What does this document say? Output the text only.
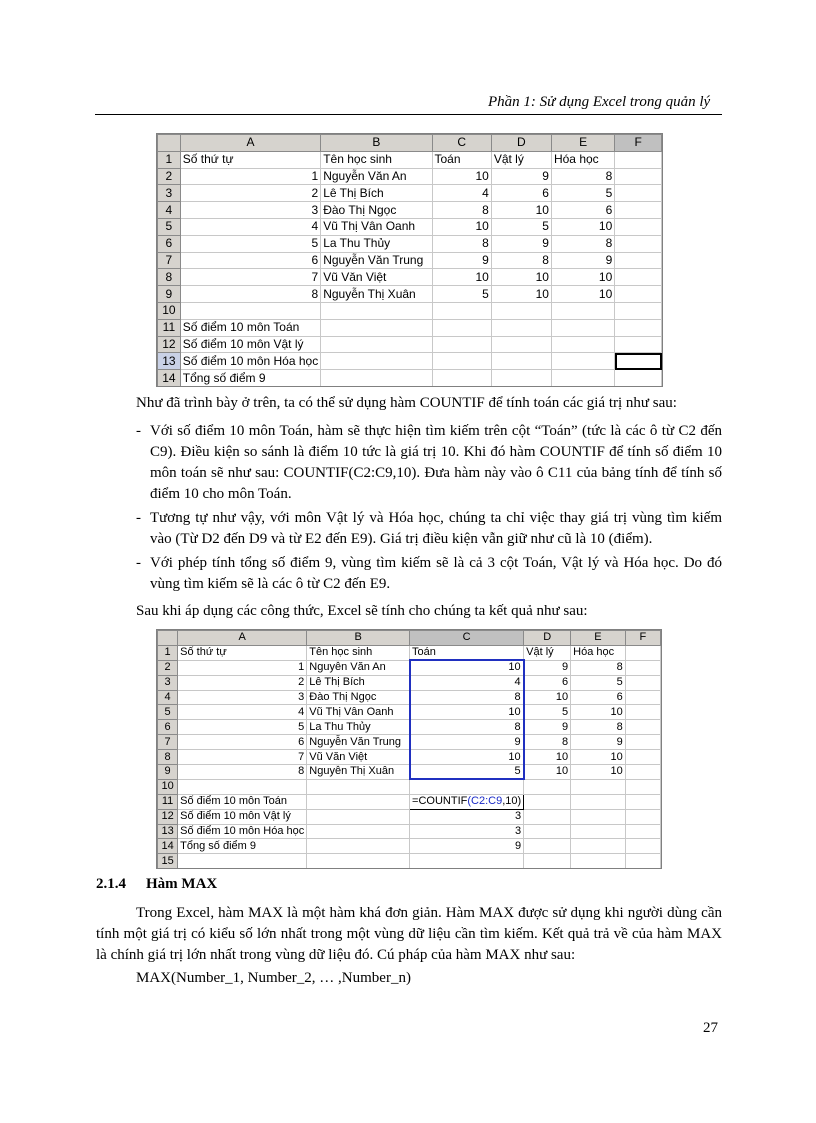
Phần 1: Sử dụng Excel trong quản lý
	A	B	C	D	E	F
1	Số thứ tự	Tên học sinh	Toán	Vật lý	Hóa học	
2	1	Nguyễn Văn An	10	9	8	
3	2	Lê Thị Bích	4	6	5	
4	3	Đào Thị Ngọc	8	10	6	
5	4	Vũ Thị Vân Oanh	10	5	10	
6	5	La Thu Thủy	8	9	8	
7	6	Nguyễn Văn Trung	9	8	9	
8	7	Vũ Văn Việt	10	10	10	
9	8	Nguyễn Thị Xuân	5	10	10	
10						
11	Số điểm 10 môn Toán					
12	Số điểm 10 môn Vật lý					
13	Số điểm 10 môn Hóa học					
14	Tổng số điểm 9					
Như đã trình bày ở trên, ta có thể sử dụng hàm COUNTIF để tính toán các giá trị như sau:
- Với số điểm 10 môn Toán, hàm sẽ thực hiện tìm kiếm trên cột “Toán” (tức là các ô từ C2 đến C9). Điều kiện so sánh là điểm 10 tức là giá trị 10. Khi đó hàm COUNTIF để tính số điểm 10 môn toán sẽ như sau: COUNTIF(C2:C9,10). Đưa hàm này vào ô C11 của bảng tính để tính số điểm 10 cho môn Toán.
- Tương tự như vậy, với môn Vật lý và Hóa học, chúng ta chỉ việc thay giá trị vùng tìm kiếm vào (Từ D2 đến D9 và từ E2 đến E9). Giá trị điều kiện vẫn giữ như cũ là 10 (điểm).
- Với phép tính tổng số điểm 9, vùng tìm kiếm sẽ là cả 3 cột Toán, Vật lý và Hóa học. Do đó vùng tìm kiếm sẽ là các ô từ C2 đến E9.
Sau khi áp dụng các công thức, Excel sẽ tính cho chúng ta kết quả như sau:
	A	B	C	D	E	F
1	Số thứ tự	Tên học sinh	Toán	Vật lý	Hóa học	
2	1	Nguyễn Văn An	10	9	8	
3	2	Lê Thị Bích	4	6	5	
4	3	Đào Thị Ngọc	8	10	6	
5	4	Vũ Thị Vân Oanh	10	5	10	
6	5	La Thu Thủy	8	9	8	
7	6	Nguyễn Văn Trung	9	8	9	
8	7	Vũ Văn Việt	10	10	10	
9	8	Nguyễn Thị Xuân	5	10	10	
10						
11	Số điểm 10 môn Toán		=COUNTIF(C2:C9,10)			
12	Số điểm 10 môn Vật lý		3			
13	Số điểm 10 môn Hóa học		3			
14	Tổng số điểm 9		9			
15						
2.1.4 Hàm MAX
Trong Excel, hàm MAX là một hàm khá đơn giản. Hàm MAX được sử dụng khi người dùng cần tính một giá trị có kiểu số lớn nhất trong một vùng dữ liệu cần tìm kiếm. Kết quả trả về của hàm MAX là chính giá trị lớn nhất trong vùng dữ liệu đó. Cú pháp của hàm MAX như sau:
MAX(Number_1, Number_2, … ,Number_n)
27
